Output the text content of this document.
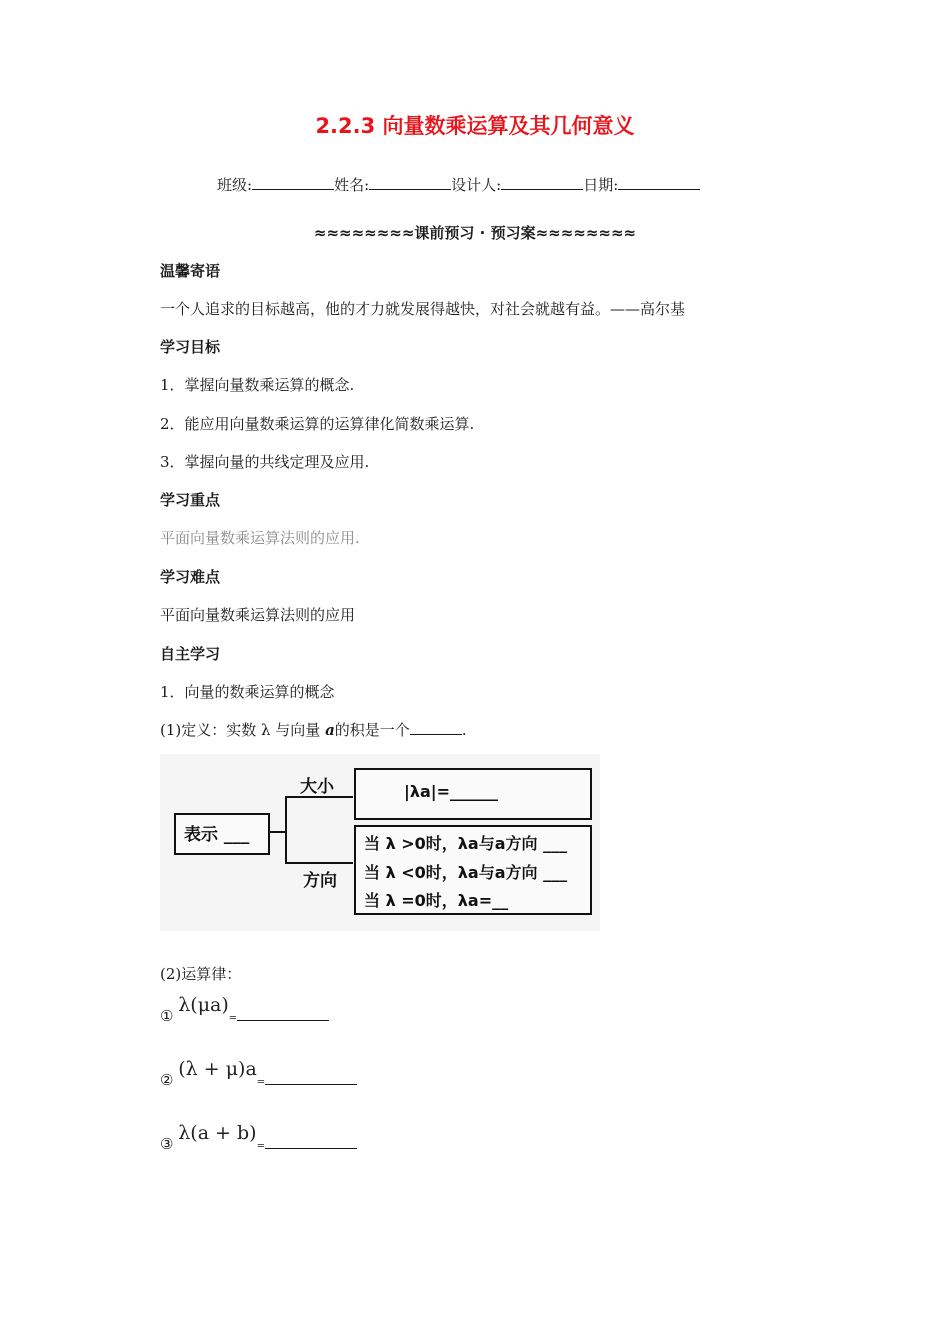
2.2.3 向量数乘运算及其几何意义
班级:	姓名:	设计人:	日期:
≈≈≈≈≈≈≈≈课前预习 · 预习案≈≈≈≈≈≈≈≈
温馨寄语
一个人追求的目标越高，他的才力就发展得越快，对社会就越有益。——高尔基
学习目标
1．掌握向量数乘运算的概念.
2．能应用向量数乘运算的运算律化简数乘运算.
3．掌握向量的共线定理及应用.
学习重点
平面向量数乘运算法则的应用.
学习难点
平面向量数乘运算法则的应用
自主学习
1．向量的数乘运算的概念
(1)定义：实数 λ 与向量 a的积是一个	.
表示 ___
大小
方向
|λa|=______
当 λ >0时，λa与a方向 ___
当 λ <0时，λa与a方向 ___
当 λ =0时，λa=__
(2)运算律：
① λ(μa)=
② (λ + μ)a=
③ λ(a + b)=
